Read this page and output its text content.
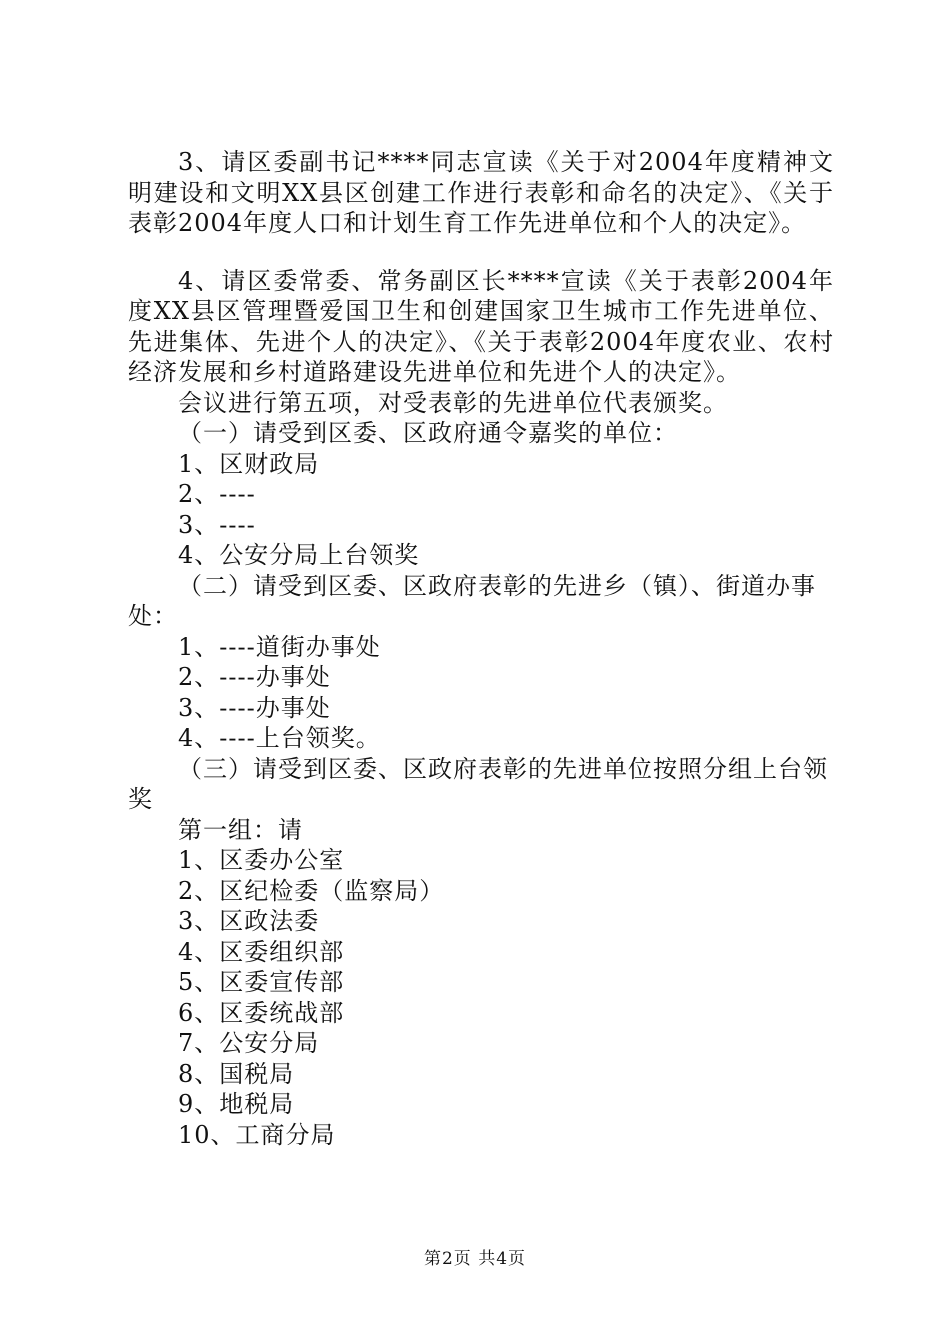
3、请区委副书记****同志宣读《关于对2004年度精神文明建设和文明XX县区创建工作进行表彰和命名的决定》、《关于表彰2004年度人口和计划生育工作先进单位和个人的决定》。

4、请区委常委、常务副区长****宣读《关于表彰2004年度XX县区管理暨爱国卫生和创建国家卫生城市工作先进单位、先进集体、先进个人的决定》、《关于表彰2004年度农业、农村经济发展和乡村道路建设先进单位和先进个人的决定》。

会议进行第五项，对受表彰的先进单位代表颁奖。

（一）请受到区委、区政府通令嘉奖的单位：

1、区财政局

2、----

3、----

4、公安分局上台领奖

（二）请受到区委、区政府表彰的先进乡（镇）、街道办事处：

1、----道街办事处

2、----办事处

3、----办事处

4、----上台领奖。

（三）请受到区委、区政府表彰的先进单位按照分组上台领奖

第一组：请

1、区委办公室

2、区纪检委（监察局）

3、区政法委

4、区委组织部

5、区委宣传部

6、区委统战部

7、公安分局

8、国税局

9、地税局

10、工商分局

第2页 共4页
